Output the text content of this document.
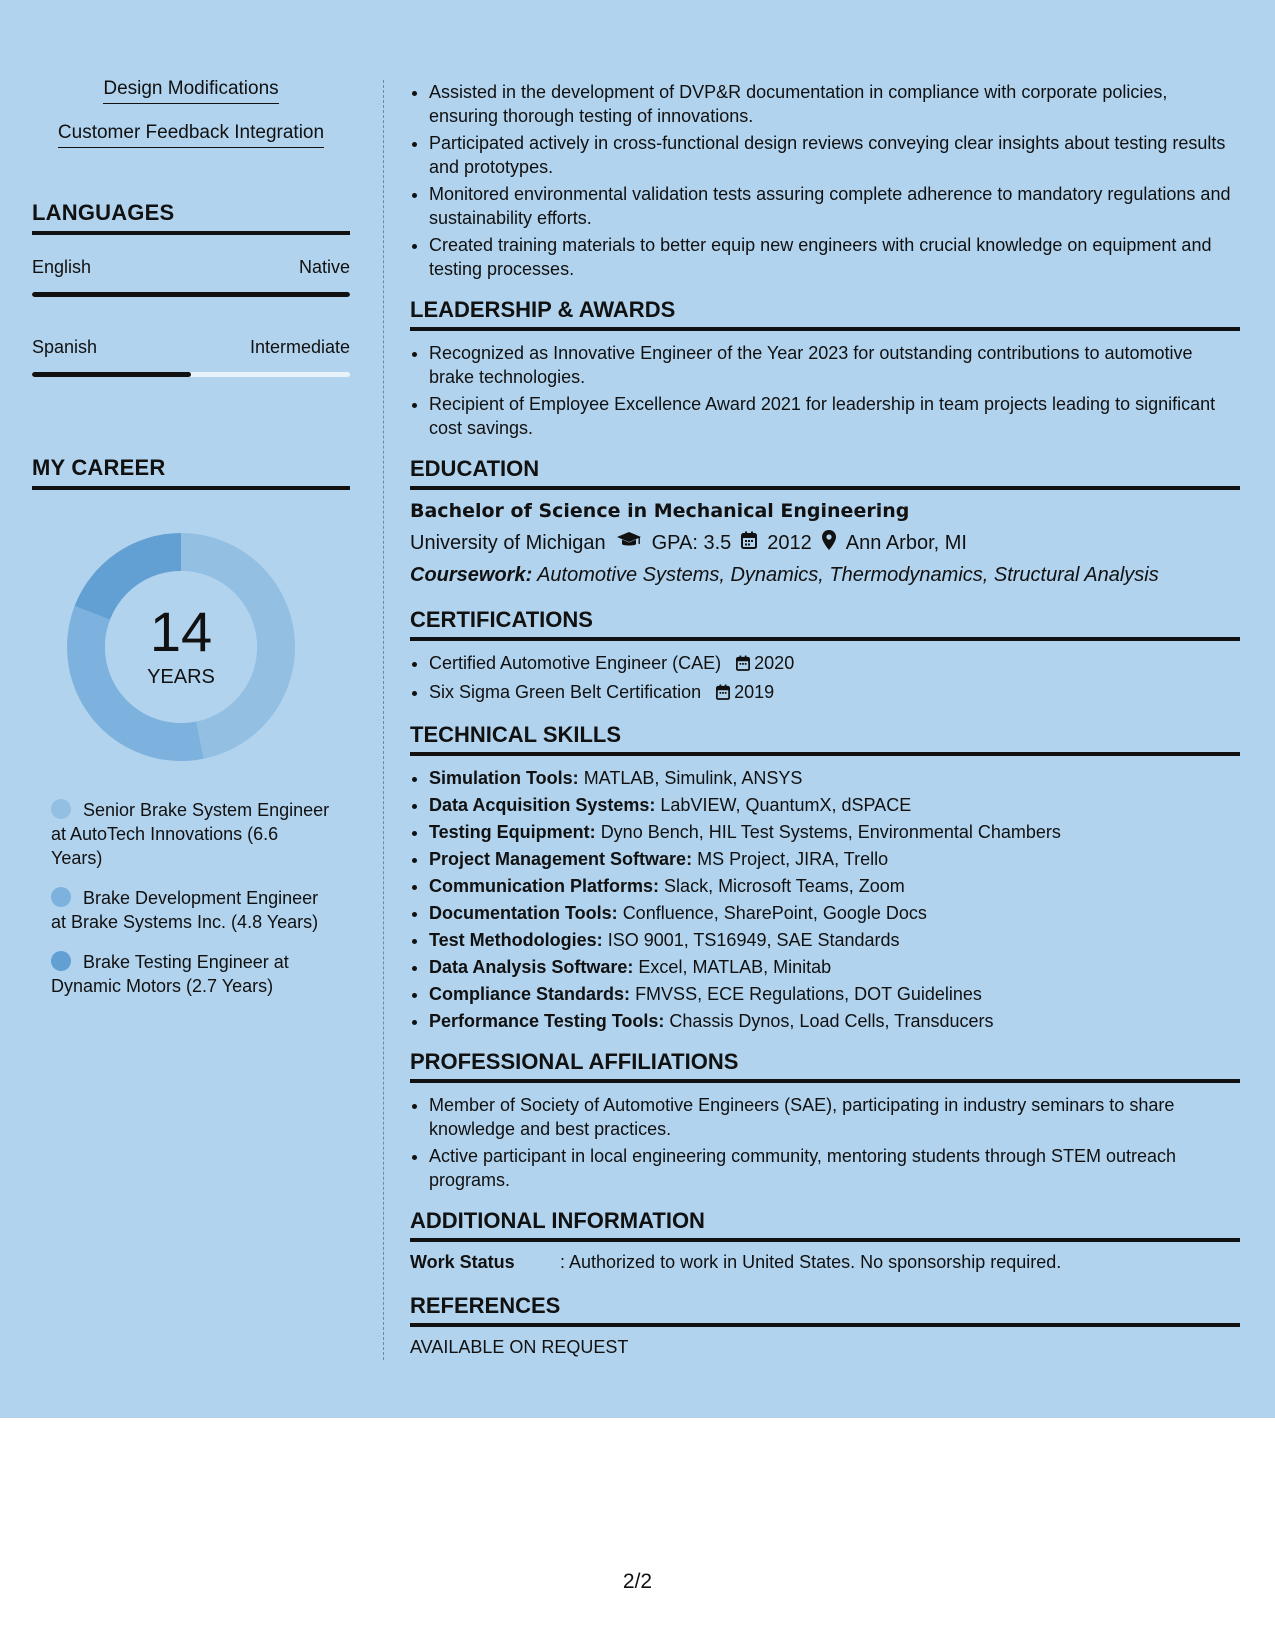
Design Modifications
Customer Feedback Integration
LANGUAGES
English	Native
Spanish	Intermediate
MY CAREER
14
YEARS
Senior Brake System Engineer at AutoTech Innovations (6.6 Years)
Brake Development Engineer at Brake Systems Inc. (4.8 Years)
Brake Testing Engineer at Dynamic Motors (2.7 Years)
• Assisted in the development of DVP&R documentation in compliance with corporate policies, ensuring thorough testing of innovations.
• Participated actively in cross-functional design reviews conveying clear insights about testing results and prototypes.
• Monitored environmental validation tests assuring complete adherence to mandatory regulations and sustainability efforts.
• Created training materials to better equip new engineers with crucial knowledge on equipment and testing processes.
LEADERSHIP & AWARDS
• Recognized as Innovative Engineer of the Year 2023 for outstanding contributions to automotive brake technologies.
• Recipient of Employee Excellence Award 2021 for leadership in team projects leading to significant cost savings.
EDUCATION
Bachelor of Science in Mechanical Engineering
University of Michigan GPA: 3.5 2012 Ann Arbor, MI
Coursework: Automotive Systems, Dynamics, Thermodynamics, Structural Analysis
CERTIFICATIONS
• Certified Automotive Engineer (CAE) 2020
• Six Sigma Green Belt Certification 2019
TECHNICAL SKILLS
• Simulation Tools: MATLAB, Simulink, ANSYS
• Data Acquisition Systems: LabVIEW, QuantumX, dSPACE
• Testing Equipment: Dyno Bench, HIL Test Systems, Environmental Chambers
• Project Management Software: MS Project, JIRA, Trello
• Communication Platforms: Slack, Microsoft Teams, Zoom
• Documentation Tools: Confluence, SharePoint, Google Docs
• Test Methodologies: ISO 9001, TS16949, SAE Standards
• Data Analysis Software: Excel, MATLAB, Minitab
• Compliance Standards: FMVSS, ECE Regulations, DOT Guidelines
• Performance Testing Tools: Chassis Dynos, Load Cells, Transducers
PROFESSIONAL AFFILIATIONS
• Member of Society of Automotive Engineers (SAE), participating in industry seminars to share knowledge and best practices.
• Active participant in local engineering community, mentoring students through STEM outreach programs.
ADDITIONAL INFORMATION
Work Status	: Authorized to work in United States. No sponsorship required.
REFERENCES
AVAILABLE ON REQUEST
2/2
